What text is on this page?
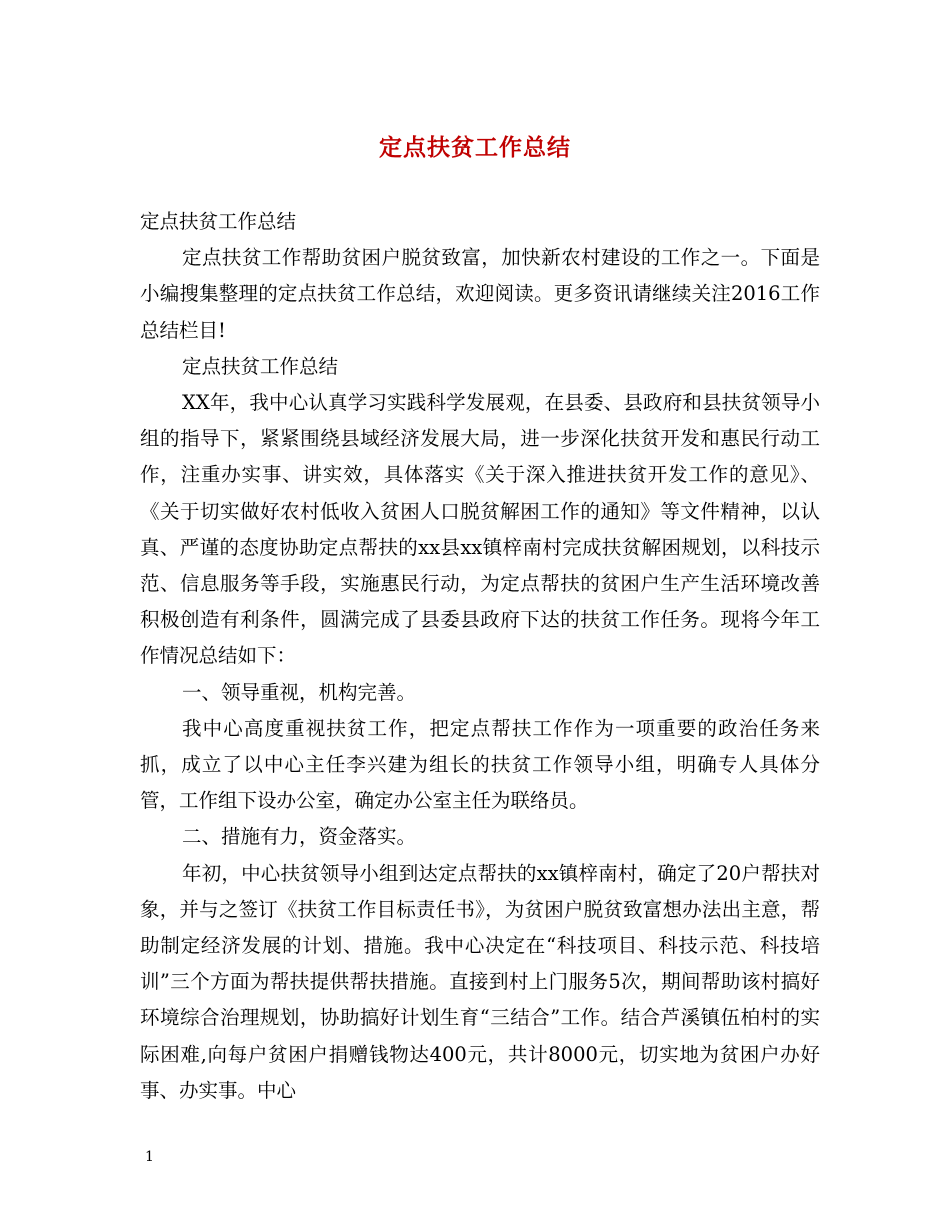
定点扶贫工作总结

定点扶贫工作总结

定点扶贫工作帮助贫困户脱贫致富，加快新农村建设的工作之一。下面是小编搜集整理的定点扶贫工作总结，欢迎阅读。更多资讯请继续关注2016工作总结栏目!

定点扶贫工作总结

XX年，我中心认真学习实践科学发展观，在县委、县政府和县扶贫领导小组的指导下，紧紧围绕县域经济发展大局，进一步深化扶贫开发和惠民行动工作，注重办实事、讲实效，具体落实《关于深入推进扶贫开发工作的意见》、《关于切实做好农村低收入贫困人口脱贫解困工作的通知》等文件精神，以认真、严谨的态度协助定点帮扶的xx县xx镇梓南村完成扶贫解困规划，以科技示范、信息服务等手段，实施惠民行动，为定点帮扶的贫困户生产生活环境改善积极创造有利条件，圆满完成了县委县政府下达的扶贫工作任务。现将今年工作情况总结如下：

一、领导重视，机构完善。

我中心高度重视扶贫工作，把定点帮扶工作作为一项重要的政治任务来抓，成立了以中心主任李兴建为组长的扶贫工作领导小组，明确专人具体分管，工作组下设办公室，确定办公室主任为联络员。

二、措施有力，资金落实。

年初，中心扶贫领导小组到达定点帮扶的xx镇梓南村，确定了20户帮扶对象，并与之签订《扶贫工作目标责任书》，为贫困户脱贫致富想办法出主意，帮助制定经济发展的计划、措施。我中心决定在“科技项目、科技示范、科技培训”三个方面为帮扶提供帮扶措施。直接到村上门服务5次，期间帮助该村搞好环境综合治理规划，协助搞好计划生育“三结合”工作。结合芦溪镇伍柏村的实际困难,向每户贫困户捐赠钱物达400元，共计8000元，切实地为贫困户办好事、办实事。中心

1
